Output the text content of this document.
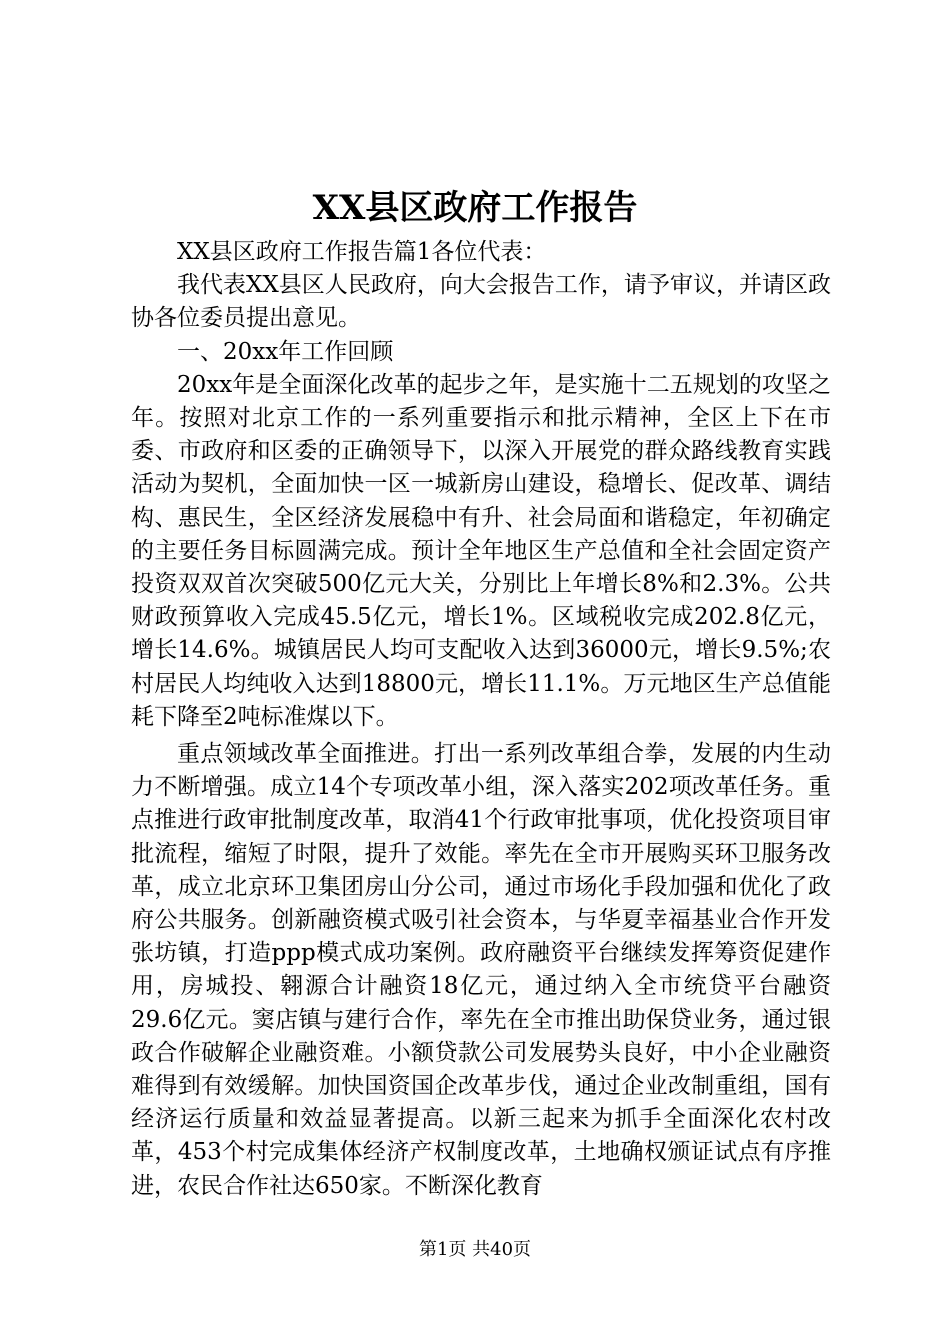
XX县区政府工作报告

XX县区政府工作报告篇1各位代表：

我代表XX县区人民政府，向大会报告工作，请予审议，并请区政协各位委员提出意见。

一、20xx年工作回顾

20xx年是全面深化改革的起步之年，是实施十二五规划的攻坚之年。按照对北京工作的一系列重要指示和批示精神，全区上下在市委、市政府和区委的正确领导下，以深入开展党的群众路线教育实践活动为契机，全面加快一区一城新房山建设，稳增长、促改革、调结构、惠民生，全区经济发展稳中有升、社会局面和谐稳定，年初确定的主要任务目标圆满完成。预计全年地区生产总值和全社会固定资产投资双双首次突破500亿元大关，分别比上年增长8%和2.3%。公共财政预算收入完成45.5亿元，增长1%。区域税收完成202.8亿元，增长14.6%。城镇居民人均可支配收入达到36000元，增长9.5%;农村居民人均纯收入达到18800元，增长11.1%。万元地区生产总值能耗下降至2吨标准煤以下。

重点领域改革全面推进。打出一系列改革组合拳，发展的内生动力不断增强。成立14个专项改革小组，深入落实202项改革任务。重点推进行政审批制度改革，取消41个行政审批事项，优化投资项目审批流程，缩短了时限，提升了效能。率先在全市开展购买环卫服务改革，成立北京环卫集团房山分公司，通过市场化手段加强和优化了政府公共服务。创新融资模式吸引社会资本，与华夏幸福基业合作开发张坊镇，打造ppp模式成功案例。政府融资平台继续发挥筹资促建作用，房城投、翱源合计融资18亿元，通过纳入全市统贷平台融资29.6亿元。窦店镇与建行合作，率先在全市推出助保贷业务，通过银政合作破解企业融资难。小额贷款公司发展势头良好，中小企业融资难得到有效缓解。加快国资国企改革步伐，通过企业改制重组，国有经济运行质量和效益显著提高。以新三起来为抓手全面深化农村改革，453个村完成集体经济产权制度改革，土地确权颁证试点有序推进，农民合作社达650家。不断深化教育

第1页 共40页
